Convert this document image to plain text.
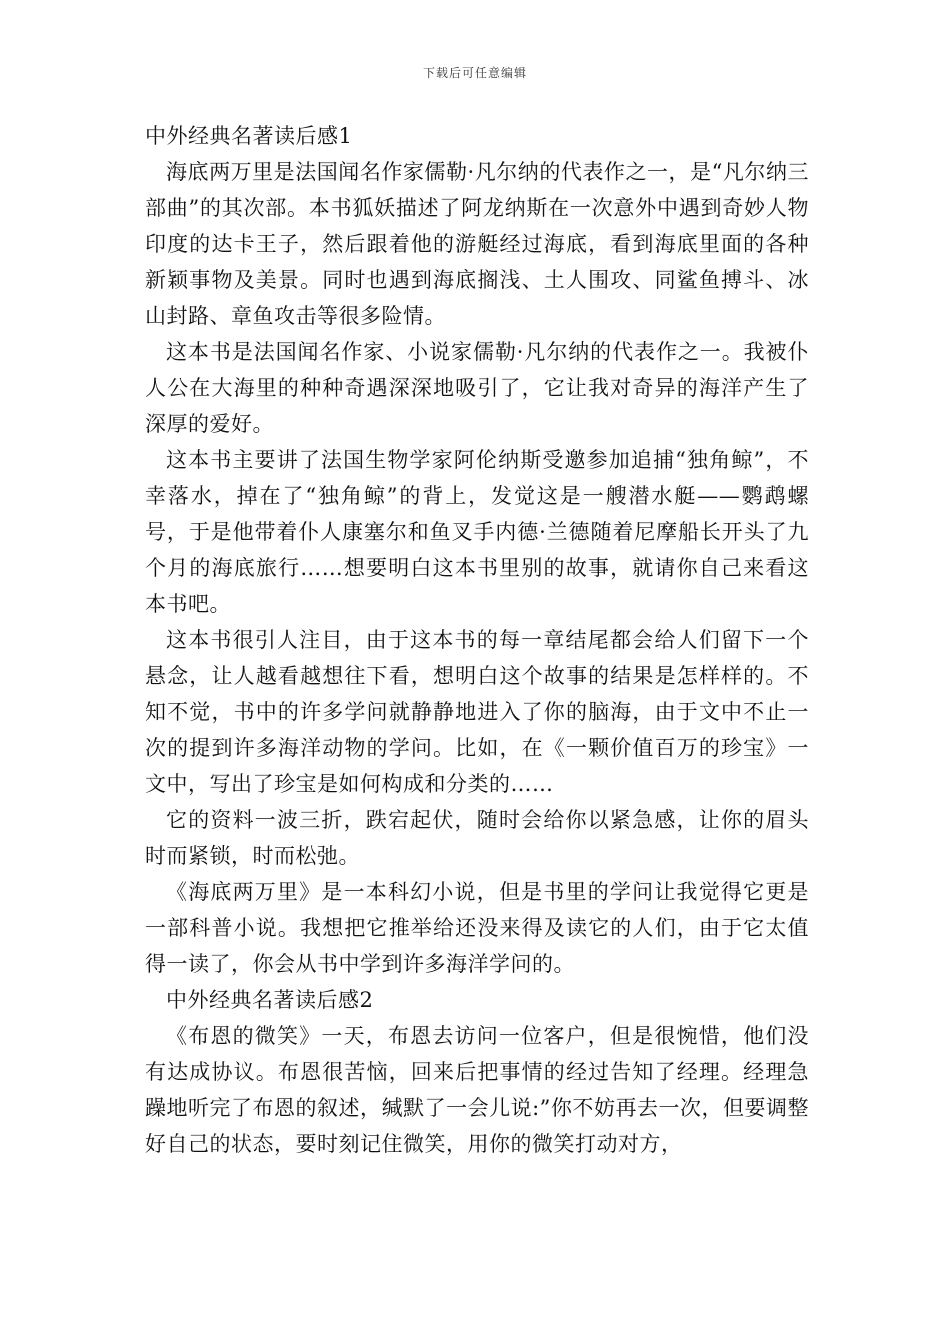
下载后可任意编辑

中外经典名著读后感1

海底两万里是法国闻名作家儒勒·凡尔纳的代表作之一，是“凡尔纳三部曲”的其次部。本书狐妖描述了阿龙纳斯在一次意外中遇到奇妙人物印度的达卡王子，然后跟着他的游艇经过海底，看到海底里面的各种新颖事物及美景。同时也遇到海底搁浅、土人围攻、同鲨鱼搏斗、冰山封路、章鱼攻击等很多险情。

这本书是法国闻名作家、小说家儒勒·凡尔纳的代表作之一。我被仆人公在大海里的种种奇遇深深地吸引了，它让我对奇异的海洋产生了深厚的爱好。

这本书主要讲了法国生物学家阿伦纳斯受邀参加追捕“独角鲸”，不幸落水，掉在了“独角鲸”的背上，发觉这是一艘潜水艇——鹦鹉螺号，于是他带着仆人康塞尔和鱼叉手内德·兰德随着尼摩船长开头了九个月的海底旅行……想要明白这本书里别的故事，就请你自己来看这本书吧。

这本书很引人注目，由于这本书的每一章结尾都会给人们留下一个悬念，让人越看越想往下看，想明白这个故事的结果是怎样样的。不知不觉，书中的许多学问就静静地进入了你的脑海，由于文中不止一次的提到许多海洋动物的学问。比如，在《一颗价值百万的珍宝》一文中，写出了珍宝是如何构成和分类的……

它的资料一波三折，跌宕起伏，随时会给你以紧急感，让你的眉头时而紧锁，时而松弛。

《海底两万里》是一本科幻小说，但是书里的学问让我觉得它更是一部科普小说。我想把它推举给还没来得及读它的人们，由于它太值得一读了，你会从书中学到许多海洋学问的。

中外经典名著读后感2

《布恩的微笑》一天，布恩去访问一位客户，但是很惋惜，他们没有达成协议。布恩很苦恼，回来后把事情的经过告知了经理。经理急躁地听完了布恩的叙述，缄默了一会儿说:”你不妨再去一次，但要调整好自己的状态，要时刻记住微笑，用你的微笑打动对方，
